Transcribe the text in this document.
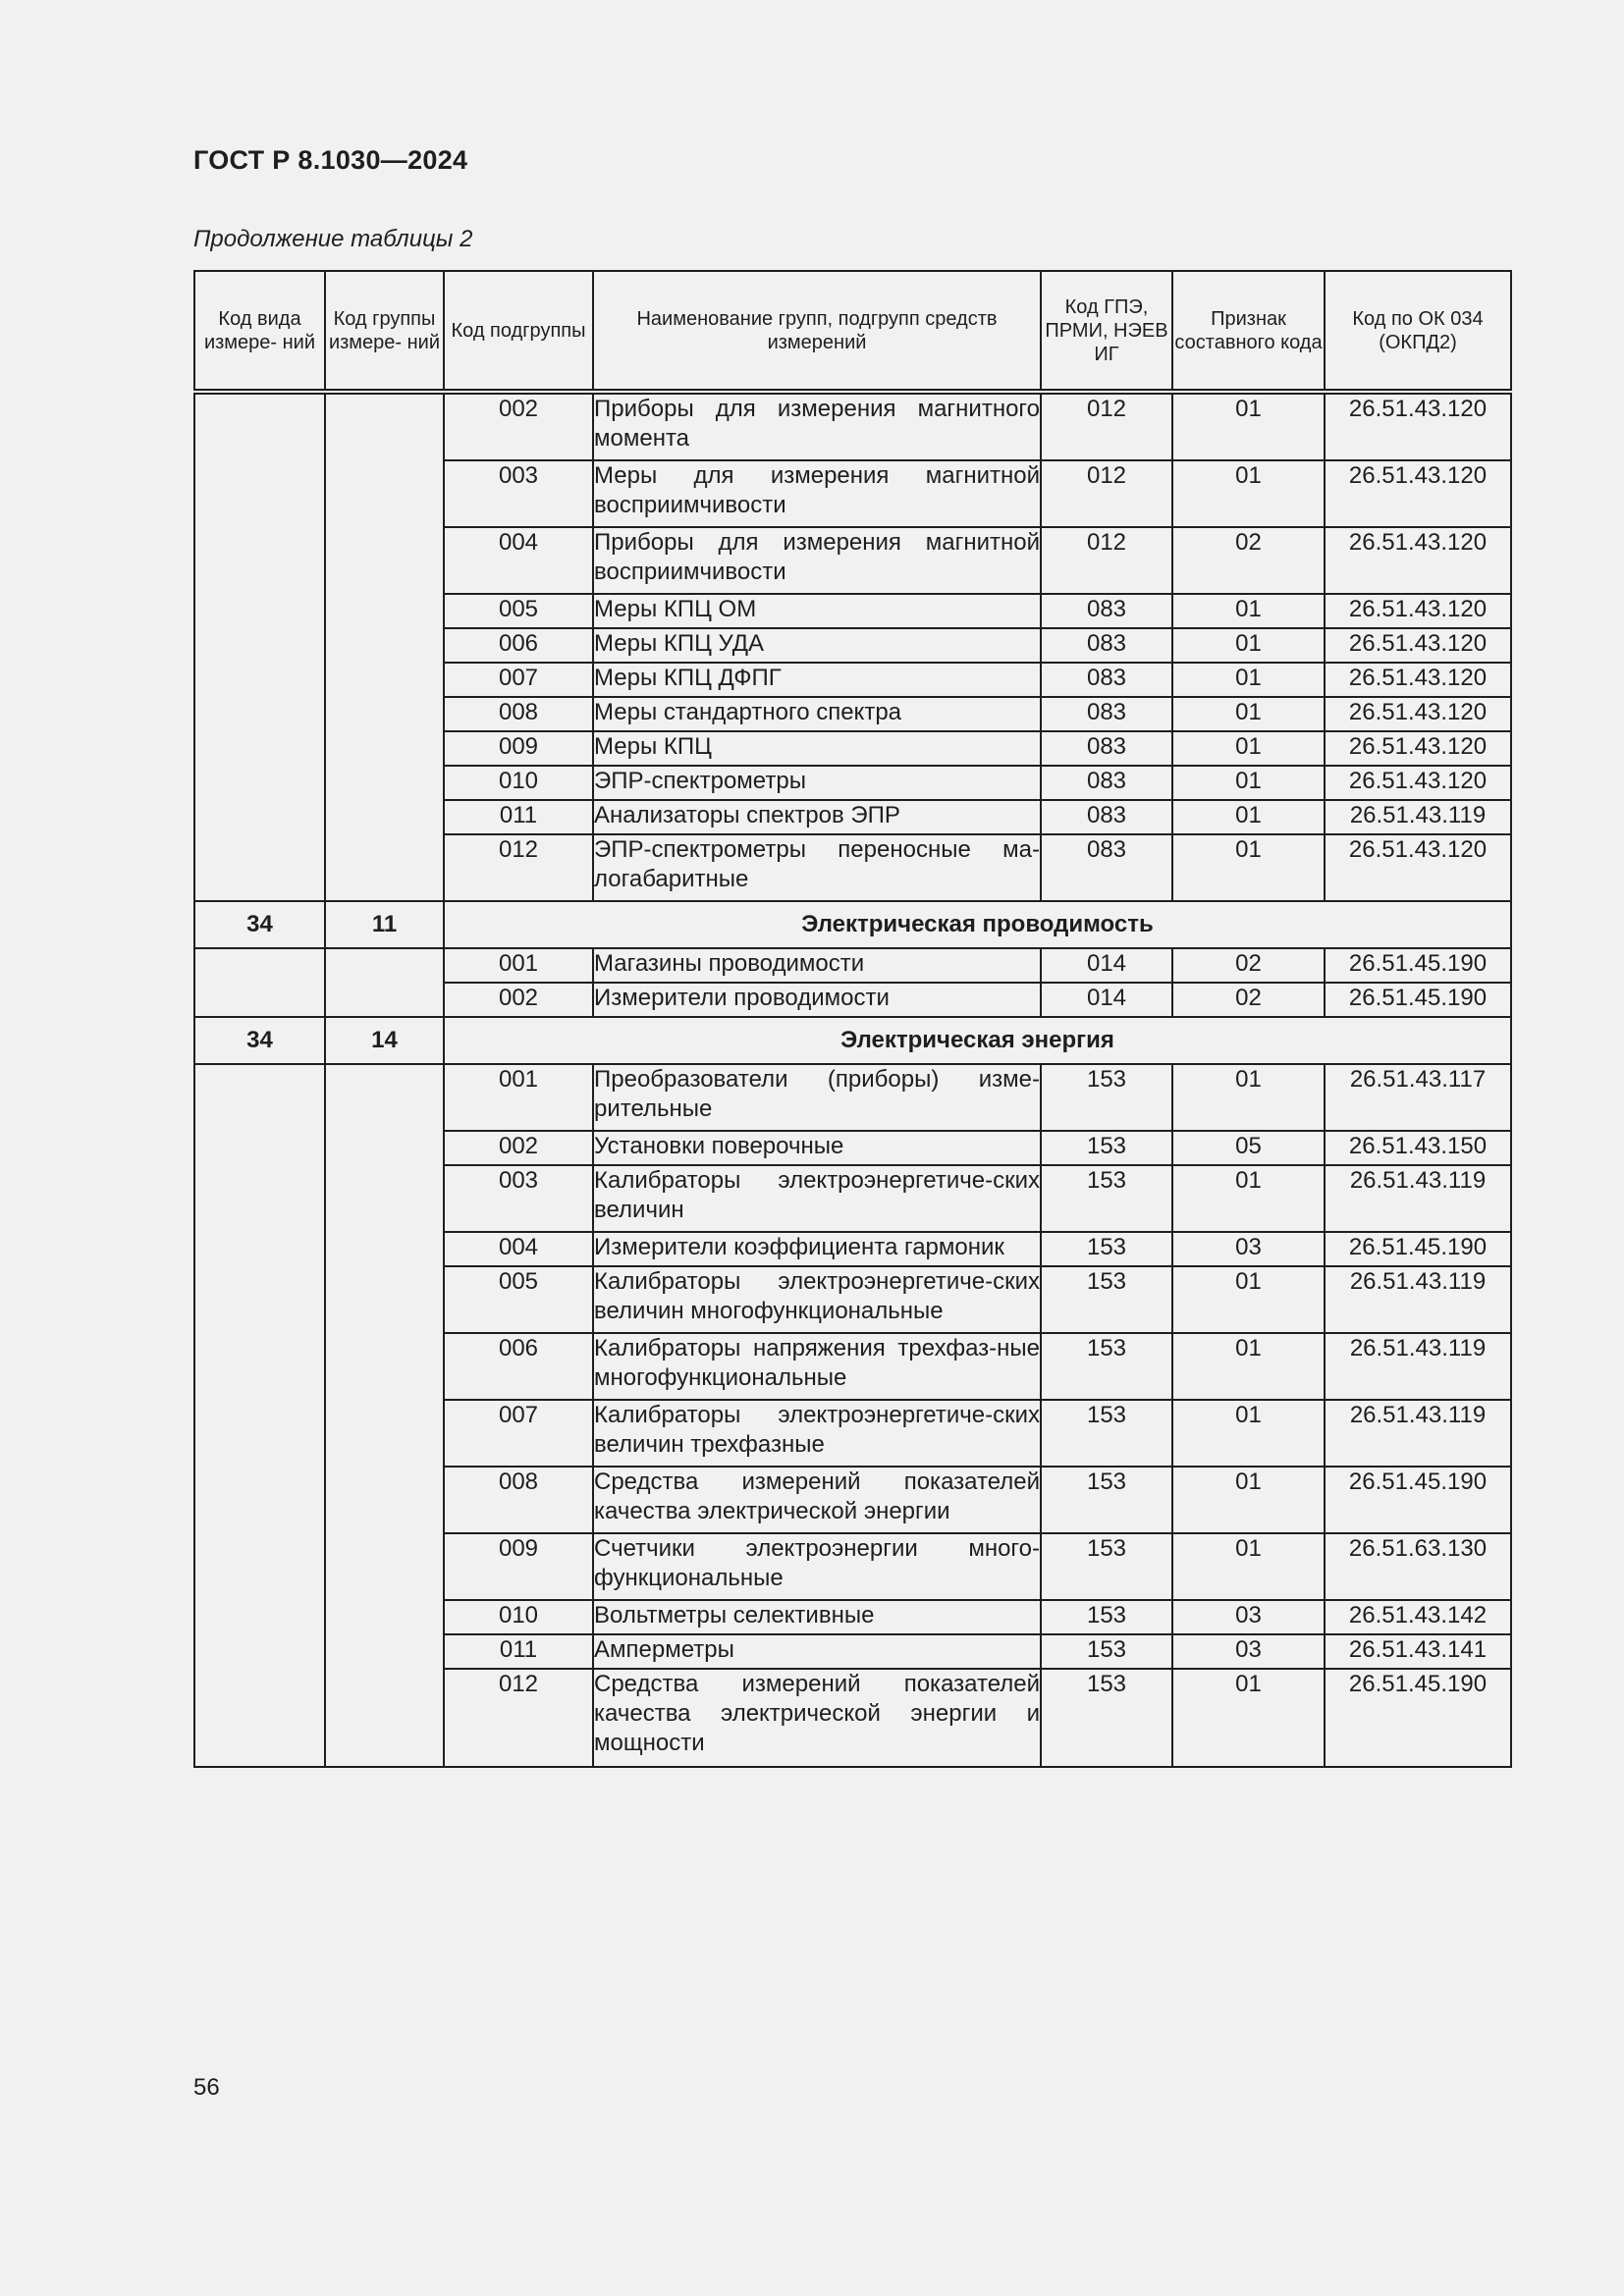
ГОСТ Р 8.1030—2024
Продолжение таблицы 2
Код вида измере- ний	Код группы измере- ний	Код подгруппы	Наименование групп, подгрупп средств измерений	Код ГПЭ, ПРМИ, НЭЕВ ИГ	Признак составного кода	Код по ОК 034 (ОКПД2)
		002	Приборы для измерения магнитного момента	012	01	26.51.43.120
		003	Меры для измерения магнитной восприимчивости	012	01	26.51.43.120
		004	Приборы для измерения магнитной восприимчивости	012	02	26.51.43.120
		005	Меры КПЦ ОМ	083	01	26.51.43.120
		006	Меры КПЦ УДА	083	01	26.51.43.120
		007	Меры КПЦ ДФПГ	083	01	26.51.43.120
		008	Меры стандартного спектра	083	01	26.51.43.120
		009	Меры КПЦ	083	01	26.51.43.120
		010	ЭПР-спектрометры	083	01	26.51.43.120
		011	Анализаторы спектров ЭПР	083	01	26.51.43.119
		012	ЭПР-спектрометры переносные ма-логабаритные	083	01	26.51.43.120
34	11	Электрическая проводимость				
		001	Магазины проводимости	014	02	26.51.45.190
		002	Измерители проводимости	014	02	26.51.45.190
34	14	Электрическая энергия				
		001	Преобразователи (приборы) изме-рительные	153	01	26.51.43.117
		002	Установки поверочные	153	05	26.51.43.150
		003	Калибраторы электроэнергетиче-ских величин	153	01	26.51.43.119
		004	Измерители коэффициента гармоник	153	03	26.51.45.190
		005	Калибраторы электроэнергетиче-ских величин многофункциональные	153	01	26.51.43.119
		006	Калибраторы напряжения трехфаз-ные многофункциональные	153	01	26.51.43.119
		007	Калибраторы электроэнергетиче-ских величин трехфазные	153	01	26.51.43.119
		008	Средства измерений показателей качества электрической энергии	153	01	26.51.45.190
		009	Счетчики электроэнергии много-функциональные	153	01	26.51.63.130
		010	Вольтметры селективные	153	03	26.51.43.142
		011	Амперметры	153	03	26.51.43.141
		012	Средства измерений показателей качества электрической энергии и мощности	153	01	26.51.45.190
56
